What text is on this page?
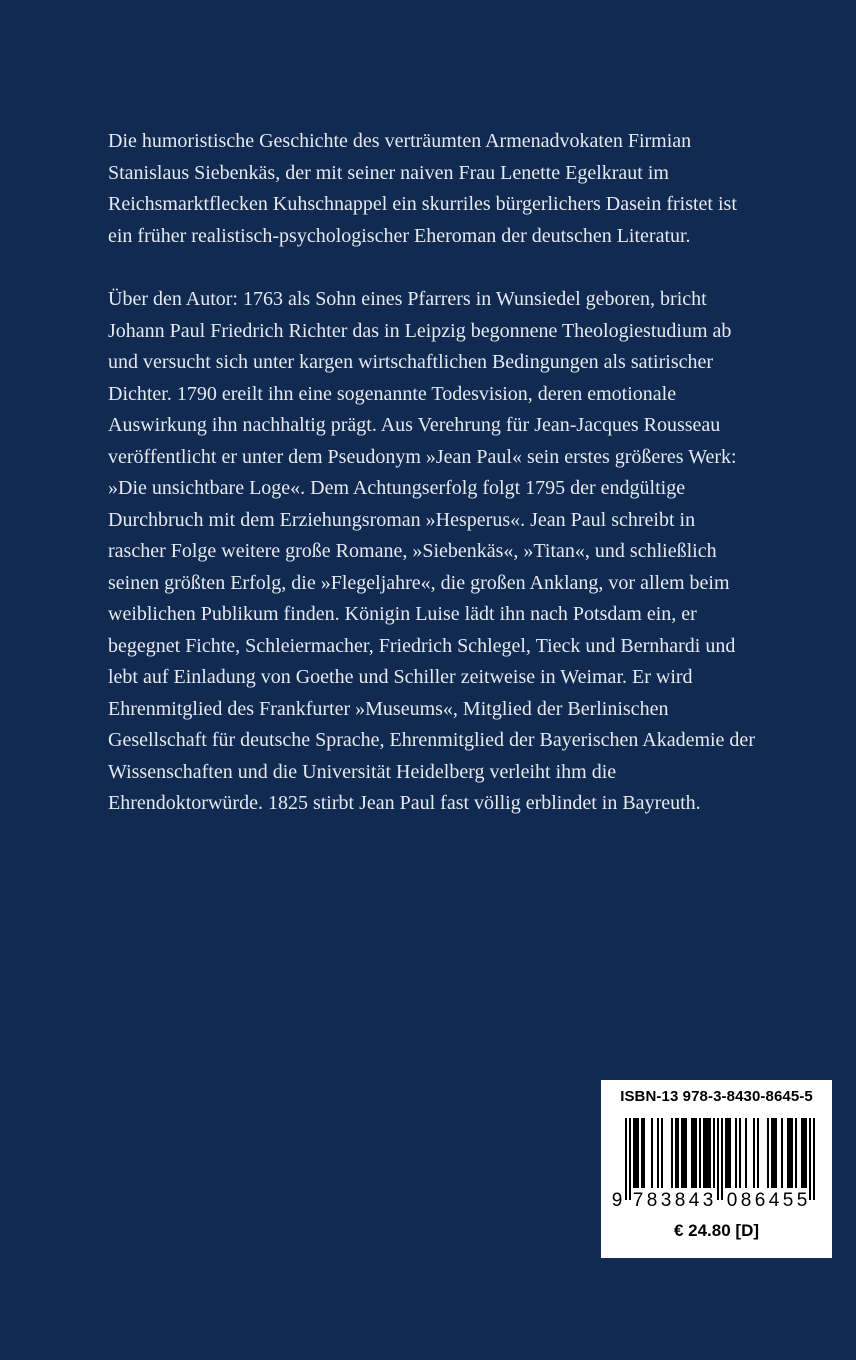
Die humoristische Geschichte des verträumten Armenadvokaten Firmian

Stanislaus Siebenkäs, der mit seiner naiven Frau Lenette Egelkraut im

Reichsmarktflecken Kuhschnappel ein skurriles bürgerlichers Dasein fristet ist

ein früher realistisch-psychologischer Eheroman der deutschen Literatur.

Über den Autor: 1763 als Sohn eines Pfarrers in Wunsiedel geboren, bricht

Johann Paul Friedrich Richter das in Leipzig begonnene Theologiestudium ab

und versucht sich unter kargen wirtschaftlichen Bedingungen als satirischer

Dichter. 1790 ereilt ihn eine sogenannte Todesvision, deren emotionale

Auswirkung ihn nachhaltig prägt. Aus Verehrung für Jean-Jacques Rousseau

veröffentlicht er unter dem Pseudonym »Jean Paul« sein erstes größeres Werk:

»Die unsichtbare Loge«. Dem Achtungserfolg folgt 1795 der endgültige

Durchbruch mit dem Erziehungsroman »Hesperus«. Jean Paul schreibt in

rascher Folge weitere große Romane, »Siebenkäs«, »Titan«, und schließlich

seinen größten Erfolg, die »Flegeljahre«, die großen Anklang, vor allem beim

weiblichen Publikum finden. Königin Luise lädt ihn nach Potsdam ein, er

begegnet Fichte, Schleiermacher, Friedrich Schlegel, Tieck und Bernhardi und

lebt auf Einladung von Goethe und Schiller zeitweise in Weimar. Er wird

Ehrenmitglied des Frankfurter »Museums«, Mitglied der Berlinischen

Gesellschaft für deutsche Sprache, Ehrenmitglied der Bayerischen Akademie der

Wissenschaften und die Universität Heidelberg verleiht ihm die

Ehrendoktorwürde. 1825 stirbt Jean Paul fast völlig erblindet in Bayreuth.

ISBN-13 978-3-8430-8645-5
9 7 8 3 8 4 3 0 8 6 4 5 5
€ 24.80 [D]
